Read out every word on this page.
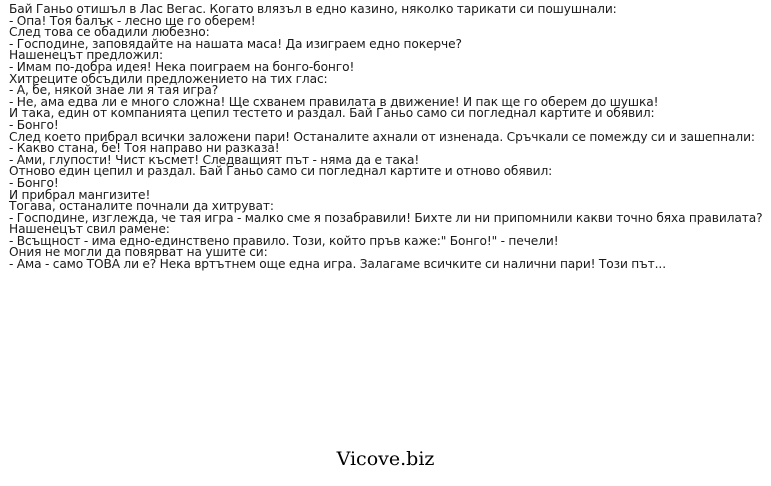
Бай Ганьо отишъл в Лас Вегас. Когато влязъл в едно казино, няколко тарикати си пошушнали:
- Опа! Тоя балък - лесно ще го оберем!
След това се обадили любезно:
- Господине, заповядайте на нашата маса! Да изиграем едно покерче?
Нашенецът предложил:
- Имам по-добра идея! Нека поиграем на бонго-бонго!
Хитреците обсъдили предложението на тих глас:
- А, бе, някой знае ли я тая игра?
- Не, ама едва ли е много сложна! Ще схванем правилата в движение! И пак ще го оберем до шушка!
И така, един от компанията цепил тестето и раздал. Бай Ганьо само си погледнал картите и обявил:
- Бонго!
След което прибрал всички заложени пари! Останалите ахнали от изненада. Сръчкали се помежду си и зашепнали:
- Какво стана, бе! Тоя направо ни разказа!
- Ами, глупости! Чист късмет! Следващият път - няма да е така!
Отново един цепил и раздал. Бай Ганьо само си погледнал картите и отново обявил:
- Бонго!
И прибрал мангизите!
Тогава, останалите почнали да хитруват:
- Господине, изглежда, че тая игра - малко сме я позабравили! Бихте ли ни припомнили какви точно бяха правилата?
Нашенецът свил рамене:
- Всъщност - има едно-единствено правило. Този, който пръв каже:" Бонго!" - печели!
Ония не могли да повярват на ушите си:
- Ама - само ТОВА ли е? Нека вртътнем още една игра. Залагаме всичките си налични пари! Този път...
Vicove.biz
